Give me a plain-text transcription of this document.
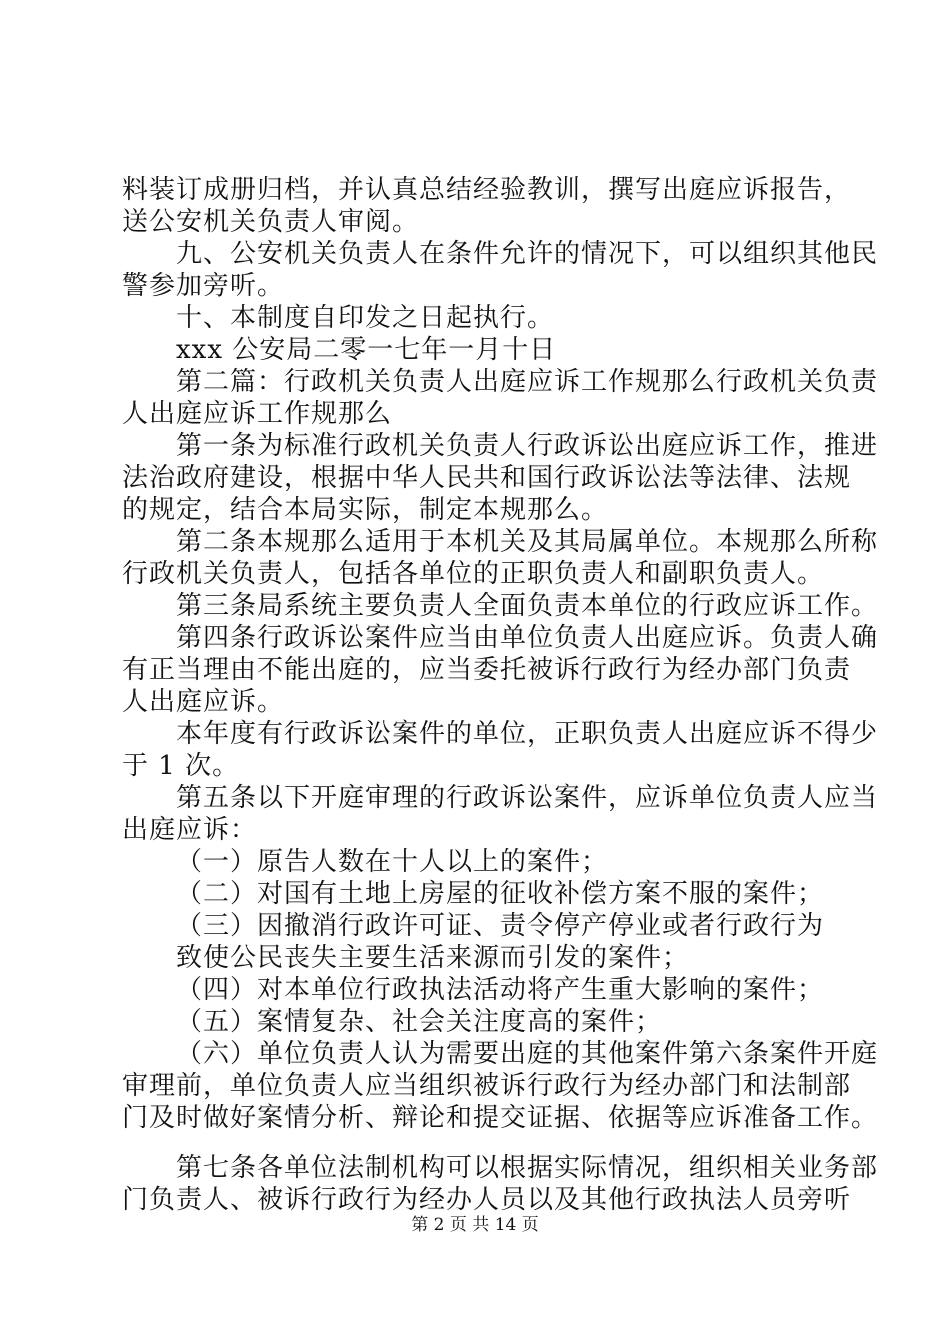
料装订成册归档，并认真总结经验教训，撰写出庭应诉报告，
送公安机关负责人审阅。
九、公安机关负责人在条件允许的情况下，可以组织其他民
警参加旁听。
十、本制度自印发之日起执行。
xxx 公安局二零一七年一月十日
第二篇：行政机关负责人出庭应诉工作规那么行政机关负责
人出庭应诉工作规那么
第一条为标准行政机关负责人行政诉讼出庭应诉工作，推进
法治政府建设，根据中华人民共和国行政诉讼法等法律、法规
的规定，结合本局实际，制定本规那么。
第二条本规那么适用于本机关及其局属单位。本规那么所称
行政机关负责人，包括各单位的正职负责人和副职负责人。
第三条局系统主要负责人全面负责本单位的行政应诉工作。
第四条行政诉讼案件应当由单位负责人出庭应诉。负责人确
有正当理由不能出庭的，应当委托被诉行政行为经办部门负责
人出庭应诉。
本年度有行政诉讼案件的单位，正职负责人出庭应诉不得少
于 1 次。
第五条以下开庭审理的行政诉讼案件，应诉单位负责人应当
出庭应诉：
（一）原告人数在十人以上的案件；
（二）对国有土地上房屋的征收补偿方案不服的案件；
（三）因撤消行政许可证、责令停产停业或者行政行为
致使公民丧失主要生活来源而引发的案件；
（四）对本单位行政执法活动将产生重大影响的案件；
（五）案情复杂、社会关注度高的案件；
（六）单位负责人认为需要出庭的其他案件第六条案件开庭
审理前，单位负责人应当组织被诉行政行为经办部门和法制部
门及时做好案情分析、辩论和提交证据、依据等应诉准备工作。
第七条各单位法制机构可以根据实际情况，组织相关业务部
门负责人、被诉行政行为经办人员以及其他行政执法人员旁听
第 2 页 共 14 页
